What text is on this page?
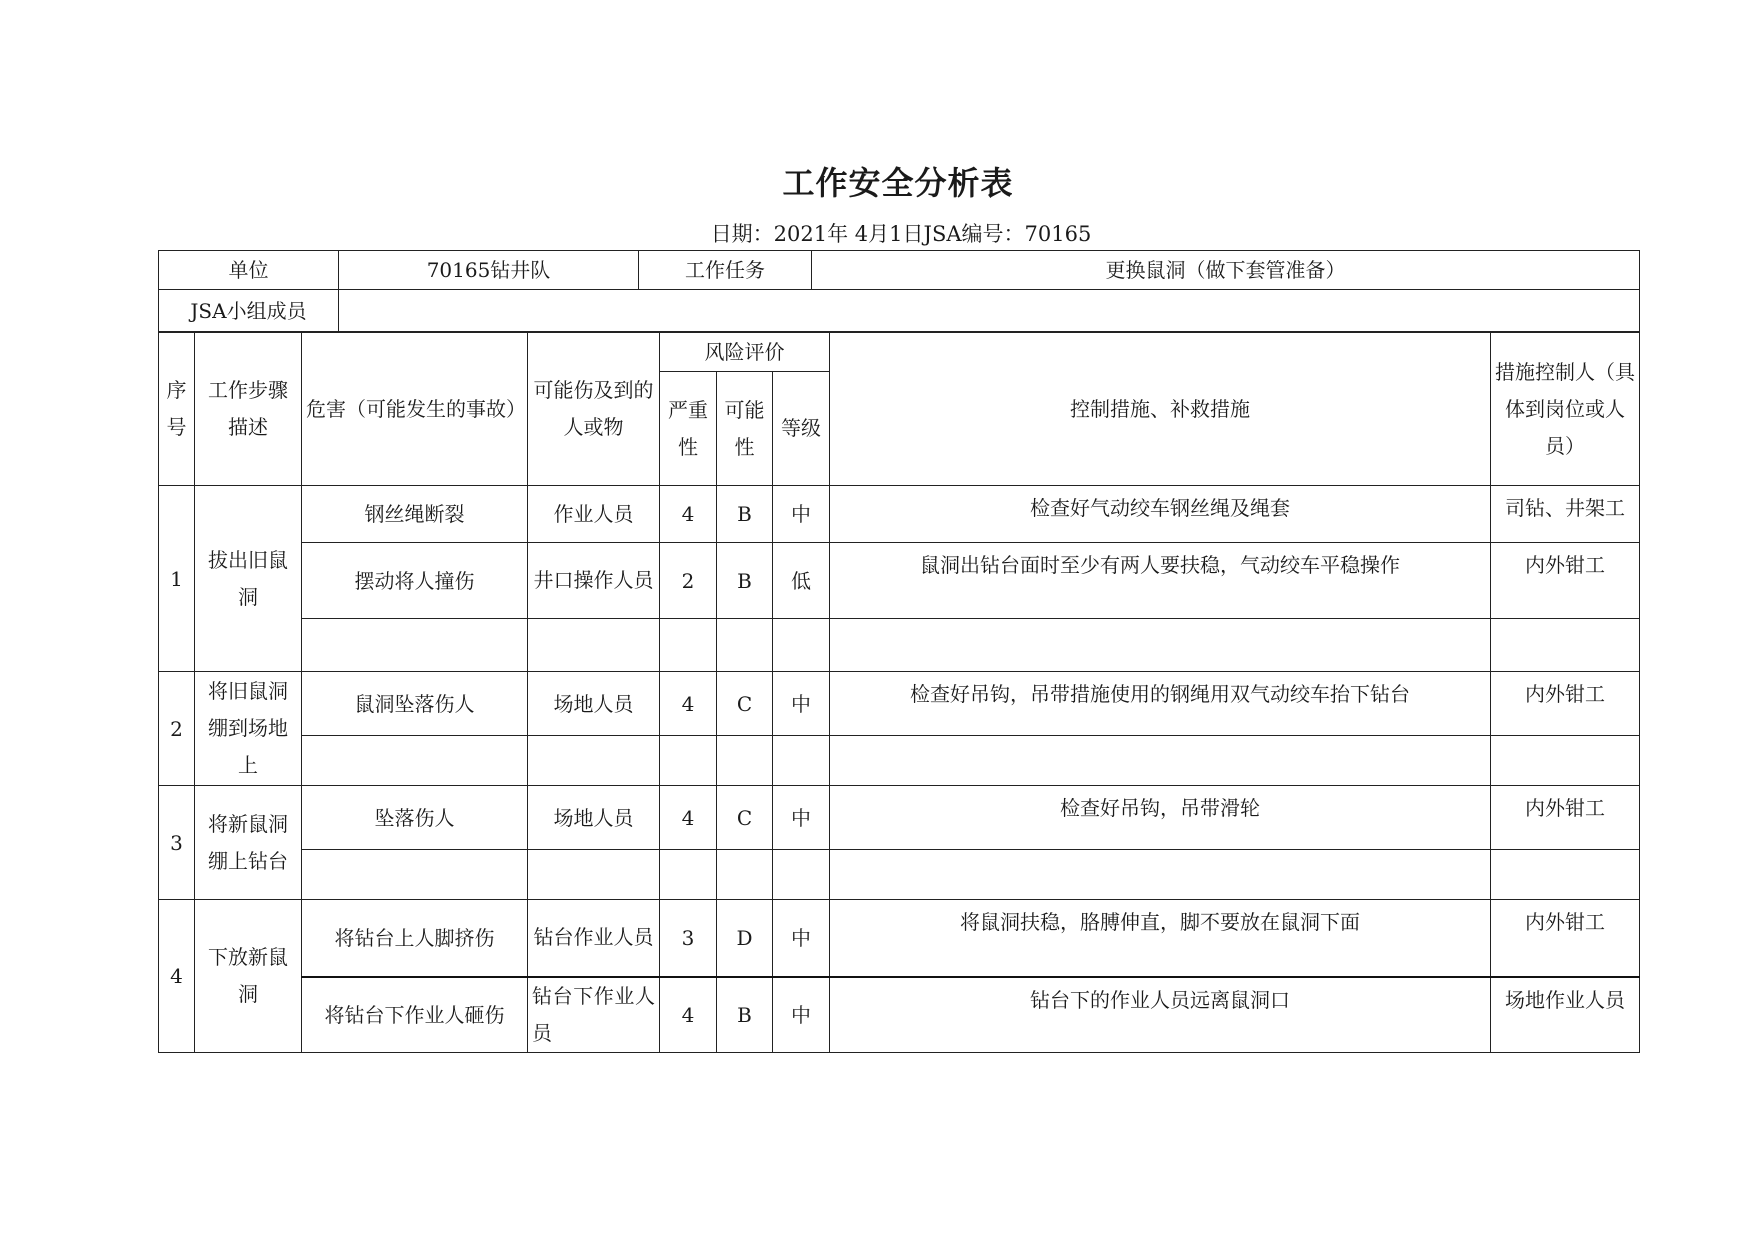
工作安全分析表
日期：2021年 4月1日JSA编号：70165
单位	70165钻井队	工作任务	更换鼠洞（做下套管准备）
JSA小组成员			
序号	工作步骤描述	危害（可能发生的事故）	可能伤及到的人或物	风险评价			控制措施、补救措施	措施控制人（具体到岗位或人员）
				严重性	可能性	等级		
1	拔出旧鼠洞	钢丝绳断裂	作业人员	4	B	中	检查好气动绞车钢丝绳及绳套	司钻、井架工
		摆动将人撞伤	井口操作人员	2	B	低	鼠洞出钻台面时至少有两人要扶稳，气动绞车平稳操作	内外钳工

2	将旧鼠洞绷到场地上	鼠洞坠落伤人	场地人员	4	C	中	检查好吊钩，吊带措施使用的钢绳用双气动绞车抬下钻台	内外钳工

3	将新鼠洞绷上钻台	坠落伤人	场地人员	4	C	中	检查好吊钩，吊带滑轮	内外钳工

4	下放新鼠洞	将钻台上人脚挤伤	钻台作业人员	3	D	中	将鼠洞扶稳，胳膊伸直，脚不要放在鼠洞下面	内外钳工
		将钻台下作业人砸伤	钻台下作业人员	4	B	中	钻台下的作业人员远离鼠洞口	场地作业人员
